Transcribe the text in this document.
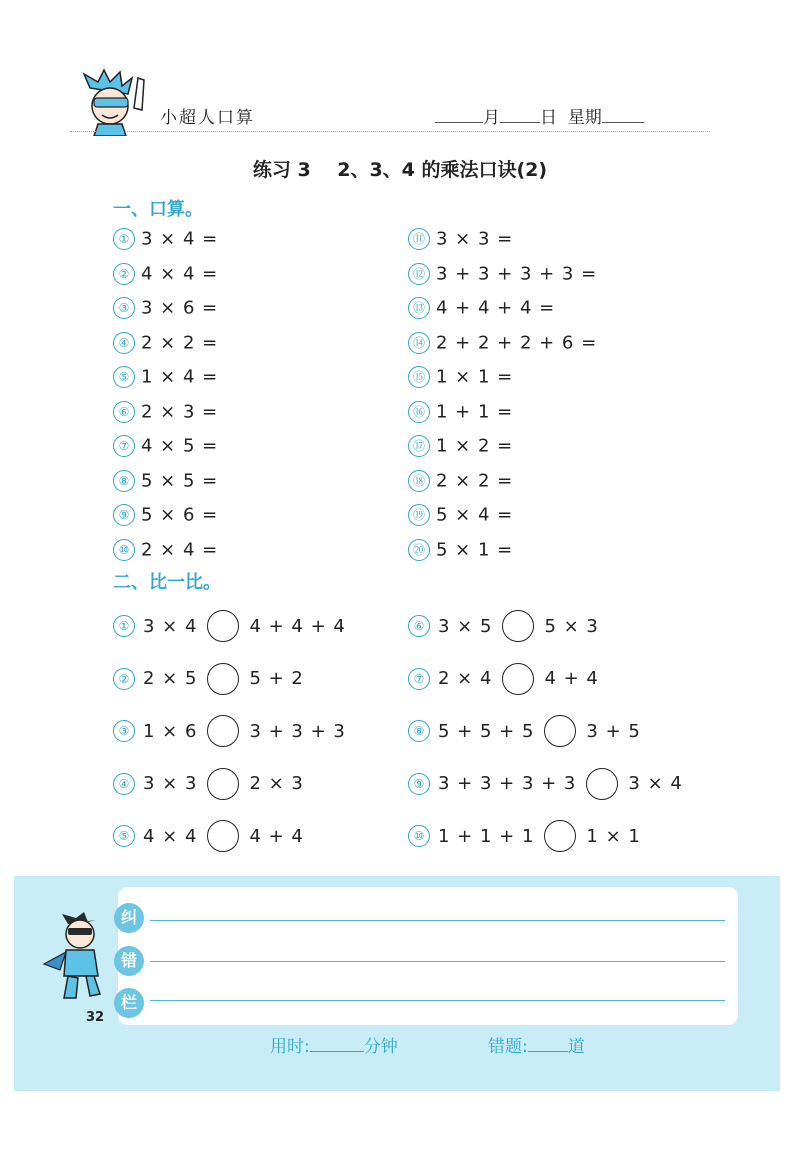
小超人口算	月 日 星期
练习 3 2、3、4 的乘法口诀(2)
一、口算。
① 3 × 4 =
② 4 × 4 =
③ 3 × 6 =
④ 2 × 2 =
⑤ 1 × 4 =
⑥ 2 × 3 =
⑦ 4 × 5 =
⑧ 5 × 5 =
⑨ 5 × 6 =
⑩ 2 × 4 =
⑪ 3 × 3 =
⑫ 3 + 3 + 3 + 3 =
⑬ 4 + 4 + 4 =
⑭ 2 + 2 + 2 + 6 =
⑮ 1 × 1 =
⑯ 1 + 1 =
⑰ 1 × 2 =
⑱ 2 × 2 =
⑲ 5 × 4 =
⑳ 5 × 1 =
二、比一比。
① 3 × 4	4 + 4 + 4
② 2 × 5	5 + 2
③ 1 × 6	3 + 3 + 3
④ 3 × 3	2 × 3
⑤ 4 × 4	4 + 4
⑥ 3 × 5	5 × 3
⑦ 2 × 4	4 + 4
⑧ 5 + 5 + 5	3 + 5
⑨ 3 + 3 + 3 + 3	3 × 4
⑩ 1 + 1 + 1	1 × 1
纠
错
栏
32
用时:	分钟	错题: 道
